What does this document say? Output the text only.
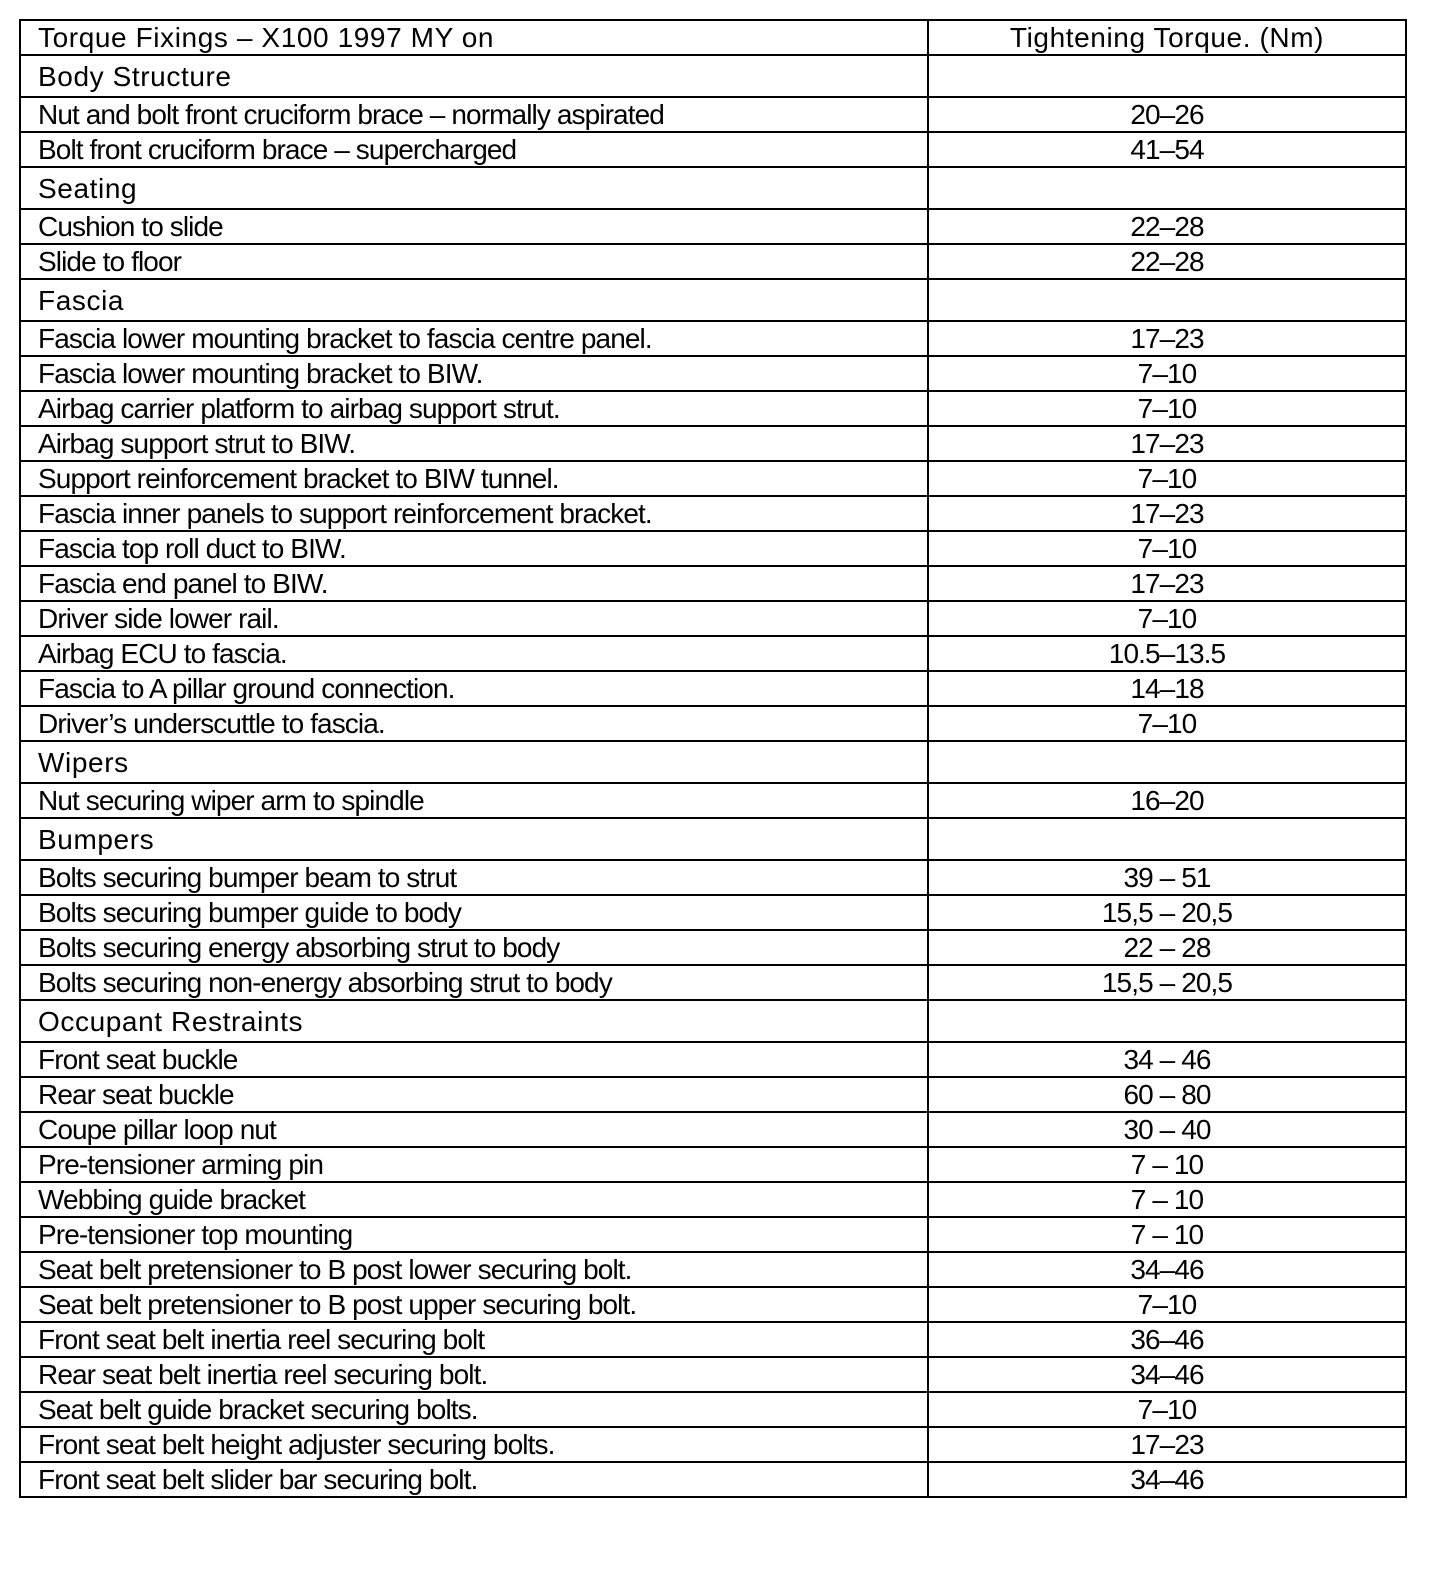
Torque Fixings – X100 1997 MY on	Tightening Torque. (Nm)
Body Structure	
Nut and bolt front cruciform brace – normally aspirated	20–26
Bolt front cruciform brace – supercharged	41–54
Seating	
Cushion to slide	22–28
Slide to floor	22–28
Fascia	
Fascia lower mounting bracket to fascia centre panel.	17–23
Fascia lower mounting bracket to BIW.	7–10
Airbag carrier platform to airbag support strut.	7–10
Airbag support strut to BIW.	17–23
Support reinforcement bracket to BIW tunnel.	7–10
Fascia inner panels to support reinforcement bracket.	17–23
Fascia top roll duct to BIW.	7–10
Fascia end panel to BIW.	17–23
Driver side lower rail.	7–10
Airbag ECU to fascia.	10.5–13.5
Fascia to A pillar ground connection.	14–18
Driver’s underscuttle to fascia.	7–10
Wipers	
Nut securing wiper arm to spindle	16–20
Bumpers	
Bolts securing bumper beam to strut	39 – 51
Bolts securing bumper guide to body	15,5 – 20,5
Bolts securing energy absorbing strut to body	22 – 28
Bolts securing non-energy absorbing strut to body	15,5 – 20,5
Occupant Restraints	
Front seat buckle	34 – 46
Rear seat buckle	60 – 80
Coupe pillar loop nut	30 – 40
Pre-tensioner arming pin	7 – 10
Webbing guide bracket	7 – 10
Pre-tensioner top mounting	7 – 10
Seat belt pretensioner to B post lower securing bolt.	34–46
Seat belt pretensioner to B post upper securing bolt.	7–10
Front seat belt inertia reel securing bolt	36–46
Rear seat belt inertia reel securing bolt.	34–46
Seat belt guide bracket securing bolts.	7–10
Front seat belt height adjuster securing bolts.	17–23
Front seat belt slider bar securing bolt.	34–46
